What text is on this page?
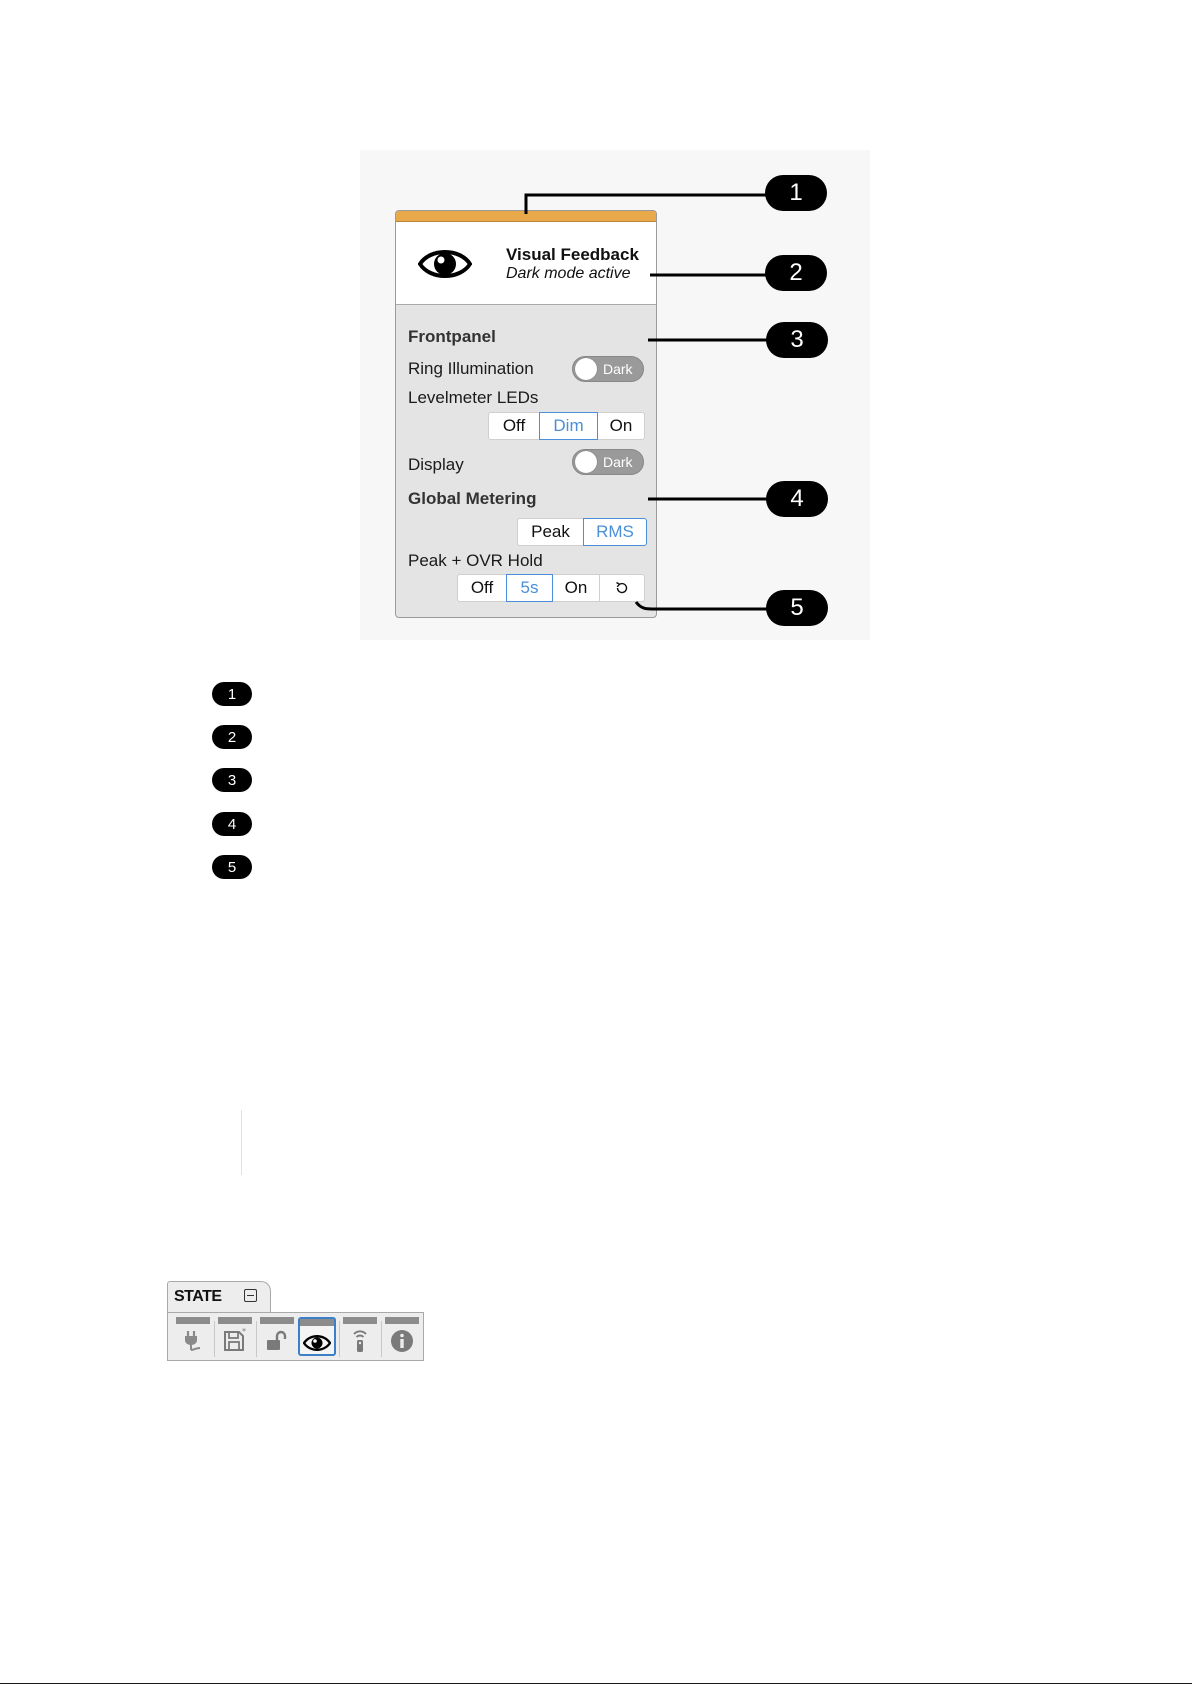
Visual Feedback
Dark mode active
Frontpanel
Ring Illumination	Dark
Levelmeter LEDs
Off	Dim	On
Display	Dark
Global Metering
Peak	RMS
Peak + OVR Hold
Off	5s	On
1
2
3
4
5
1
2
3
4
5
STATE
*
